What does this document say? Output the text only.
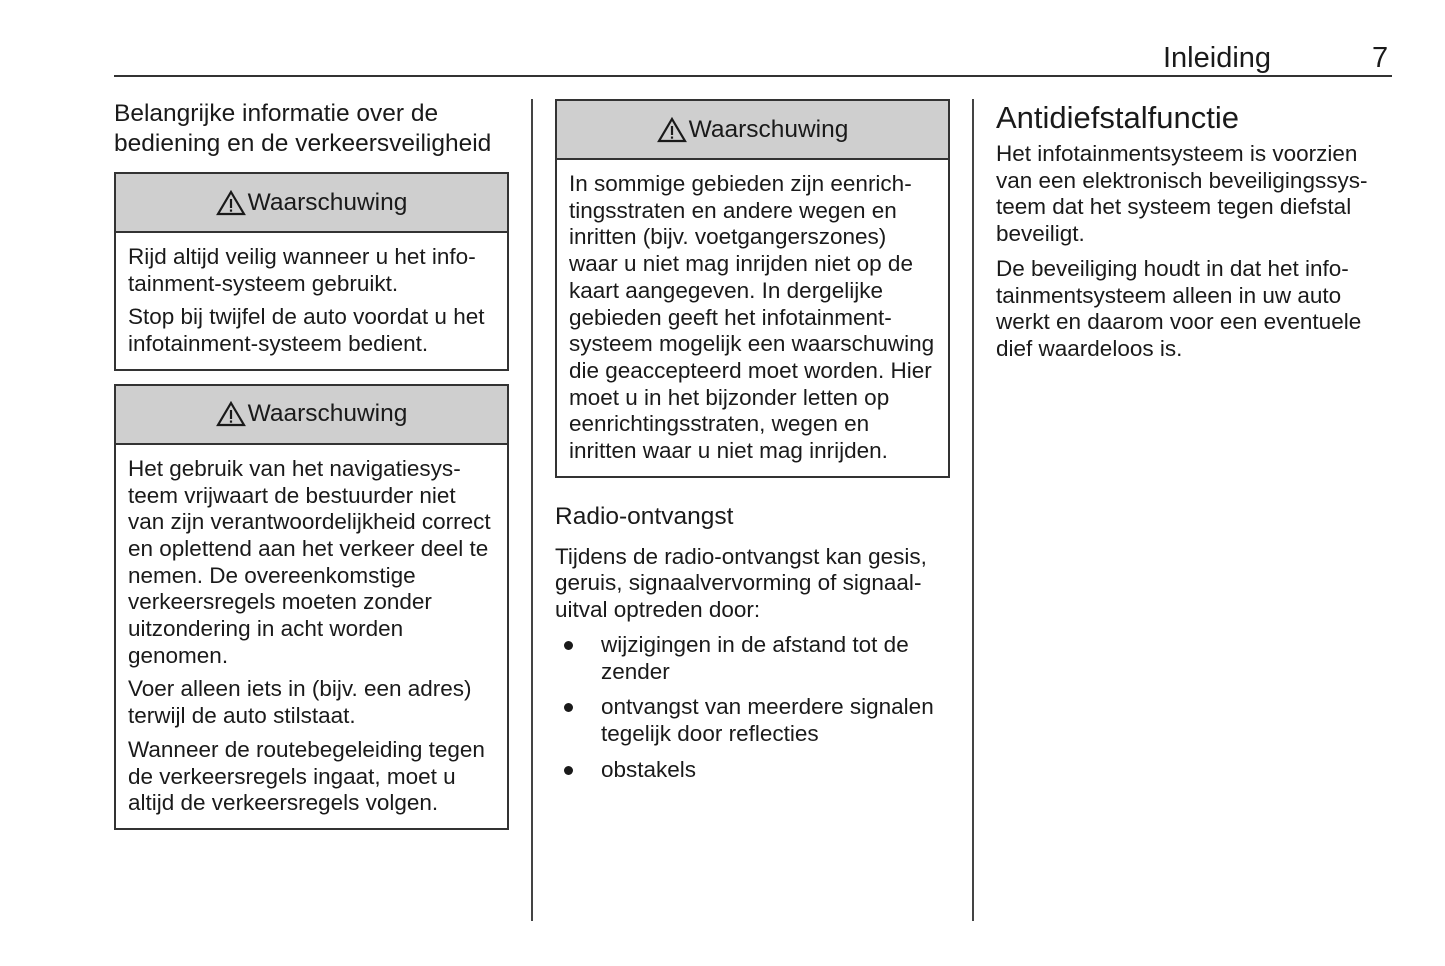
Inleiding	7
Belangrijke informatie over de bediening en de verkeersveiligheid
Waarschuwing

Rijd altijd veilig wanneer u het infotainment-systeem gebruikt.

Stop bij twijfel de auto voordat u het infotainment-systeem bedient.

Waarschuwing

Het gebruik van het navigatiesysteem vrijwaart de bestuurder niet van zijn verantwoordelijkheid correct en oplettend aan het verkeer deel te nemen. De overeenkomstige verkeersregels moeten zonder uitzondering in acht worden genomen.

Voer alleen iets in (bijv. een adres) terwijl de auto stilstaat.

Wanneer de routebegeleiding tegen de verkeersregels ingaat, moet u altijd de verkeersregels volgen.

Waarschuwing

In sommige gebieden zijn eenrichtingsstraten en andere wegen en inritten (bijv. voetgangerszones) waar u niet mag inrijden niet op de kaart aangegeven. In dergelijke gebieden geeft het infotainmentsysteem mogelijk een waarschuwing die geaccepteerd moet worden. Hier moet u in het bijzonder letten op eenrichtingsstraten, wegen en inritten waar u niet mag inrijden.

Radio-ontvangst

Tijdens de radio-ontvangst kan gesis, geruis, signaalvervorming of signaaluitval optreden door:

wijzigingen in de afstand tot de zender
ontvangst van meerdere signalen tegelijk door reflecties
obstakels
Antidiefstalfunctie

Het infotainmentsysteem is voorzien van een elektronisch beveiligingssysteem dat het systeem tegen diefstal beveiligt.

De beveiliging houdt in dat het infotainmentsysteem alleen in uw auto werkt en daarom voor een eventuele dief waardeloos is.
